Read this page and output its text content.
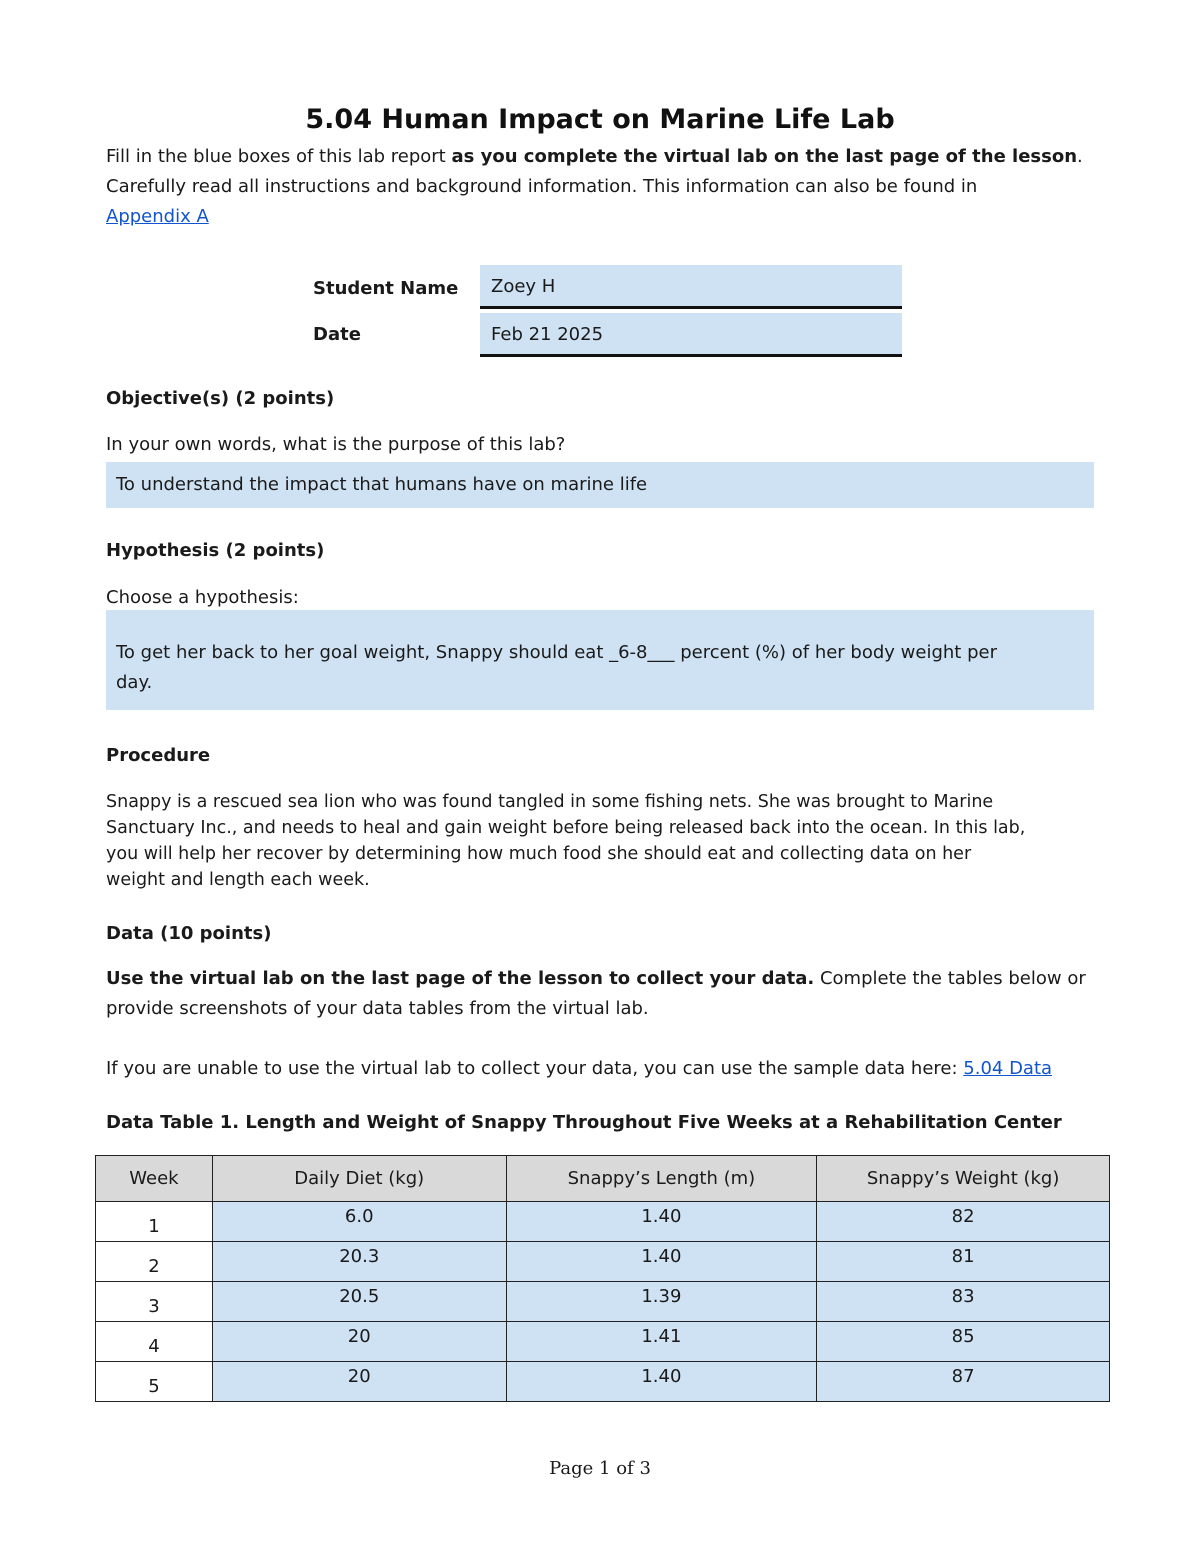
5.04 Human Impact on Marine Life Lab

Fill in the blue boxes of this lab report as you complete the virtual lab on the last page of the lesson.
Carefully read all instructions and background information. This information can also be found in
Appendix A

Student Name	Zoey H
Date	Feb 21 2025
Objective(s) (2 points)
In your own words, what is the purpose of this lab?
To understand the impact that humans have on marine life
Hypothesis (2 points)
Choose a hypothesis:
To get her back to her goal weight, Snappy should eat _6-8___ percent (%) of her body weight per
day.
Procedure

Snappy is a rescued sea lion who was found tangled in some fishing nets. She was brought to Marine
Sanctuary Inc., and needs to heal and gain weight before being released back into the ocean. In this lab,
you will help her recover by determining how much food she should eat and collecting data on her
weight and length each week.

Data (10 points)

Use the virtual lab on the last page of the lesson to collect your data. Complete the tables below or
provide screenshots of your data tables from the virtual lab.

If you are unable to use the virtual lab to collect your data, you can use the sample data here: 5.04 Data

Data Table 1. Length and Weight of Snappy Throughout Five Weeks at a Rehabilitation Center
Week	Daily Diet (kg)	Snappy’s Length (m)	Snappy’s Weight (kg)
1	6.0	1.40	82
2	20.3	1.40	81
3	20.5	1.39	83
4	20	1.41	85
5	20	1.40	87
Page 1 of 3
